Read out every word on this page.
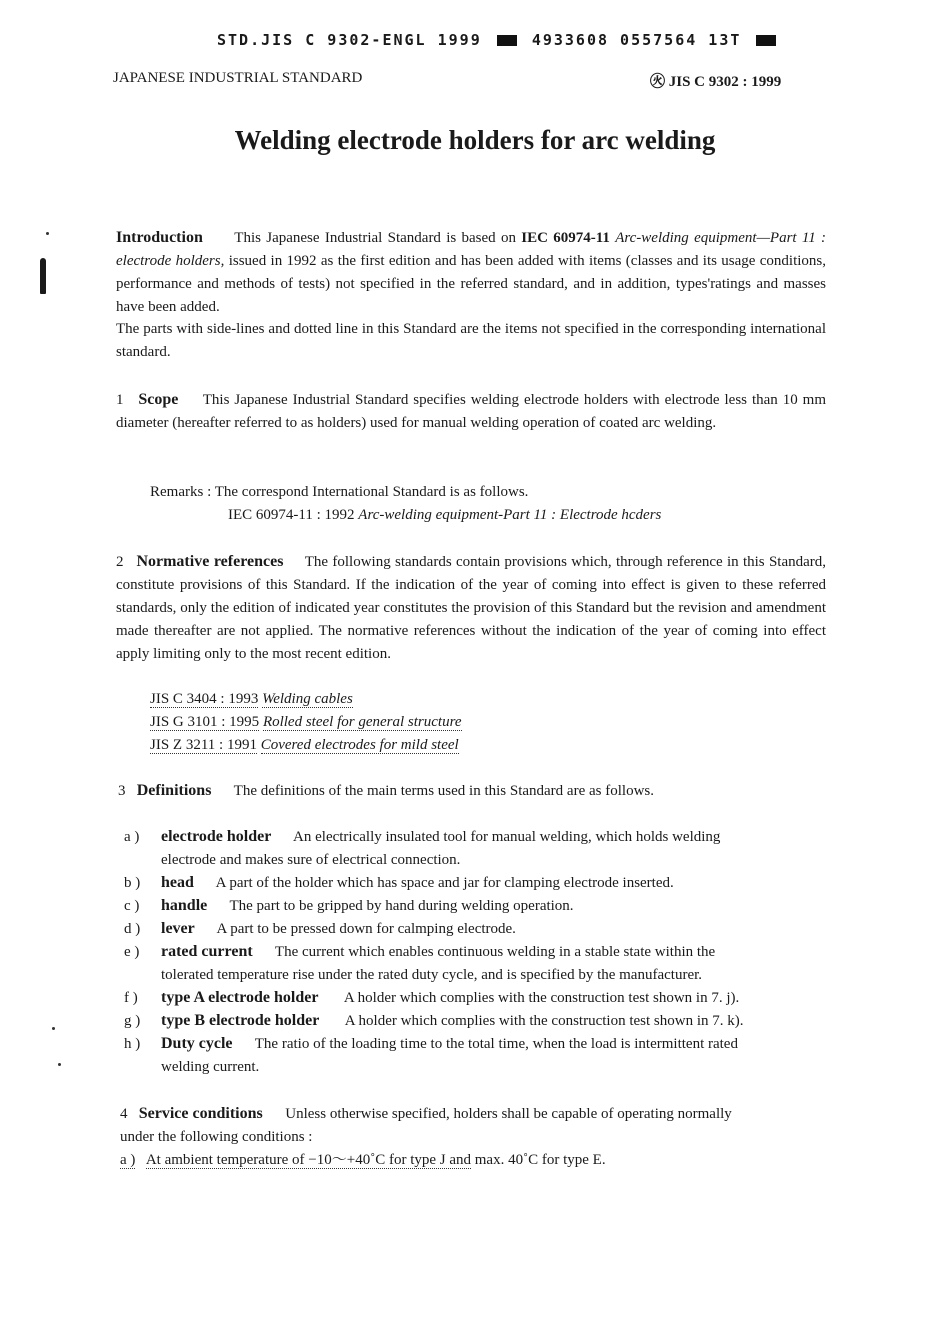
STD.JIS C 9302-ENGL 1999	4933608 0557564 13T
JAPANESE INDUSTRIAL STANDARD	㊋ JIS C 9302 : 1999
Welding electrode holders for arc welding
Introduction This Japanese Industrial Standard is based on IEC 60974-11 Arc-welding equipment—Part 11 : electrode holders, issued in 1992 as the first edition and has been added with items (classes and its usage conditions, performance and methods of tests) not specified in the referred standard, and in addition, types'ratings and masses have been added.
The parts with side-lines and dotted line in this Standard are the items not specified in the corresponding international standard.
1 Scope This Japanese Industrial Standard specifies welding electrode holders with electrode less than 10 mm diameter (hereafter referred to as holders) used for manual welding operation of coated arc welding.
Remarks : The correspond International Standard is as follows.
IEC 60974-11 : 1992 Arc-welding equipment-Part 11 : Electrode hcders
2 Normative references The following standards contain provisions which, through reference in this Standard, constitute provisions of this Standard. If the indication of the year of coming into effect is given to these referred standards, only the edition of indicated year constitutes the provision of this Standard but the revision and amendment made thereafter are not applied. The normative references without the indication of the year of coming into effect apply limiting only to the most recent edition.
JIS C 3404 : 1993 Welding cables
JIS G 3101 : 1995 Rolled steel for general structure
JIS Z 3211 : 1991 Covered electrodes for mild steel
3 Definitions The definitions of the main terms used in this Standard are as follows.
a ) electrode holder An electrically insulated tool for manual welding, which holds welding
electrode and makes sure of electrical connection.
b ) head A part of the holder which has space and jar for clamping electrode inserted.
c ) handle The part to be gripped by hand during welding operation.
d ) lever A part to be pressed down for calmping electrode.
e ) rated current The current which enables continuous welding in a stable state within the
tolerated temperature rise under the rated duty cycle, and is specified by the manufacturer.
f ) type A electrode holder A holder which complies with the construction test shown in 7. j).
g ) type B electrode holder A holder which complies with the construction test shown in 7. k).
h ) Duty cycle The ratio of the loading time to the total time, when the load is intermittent rated
welding current.
4 Service conditions Unless otherwise specified, holders shall be capable of operating normally
under the following conditions :
a ) At ambient temperature of −10～+40˚C for type J and max. 40˚C for type E.
